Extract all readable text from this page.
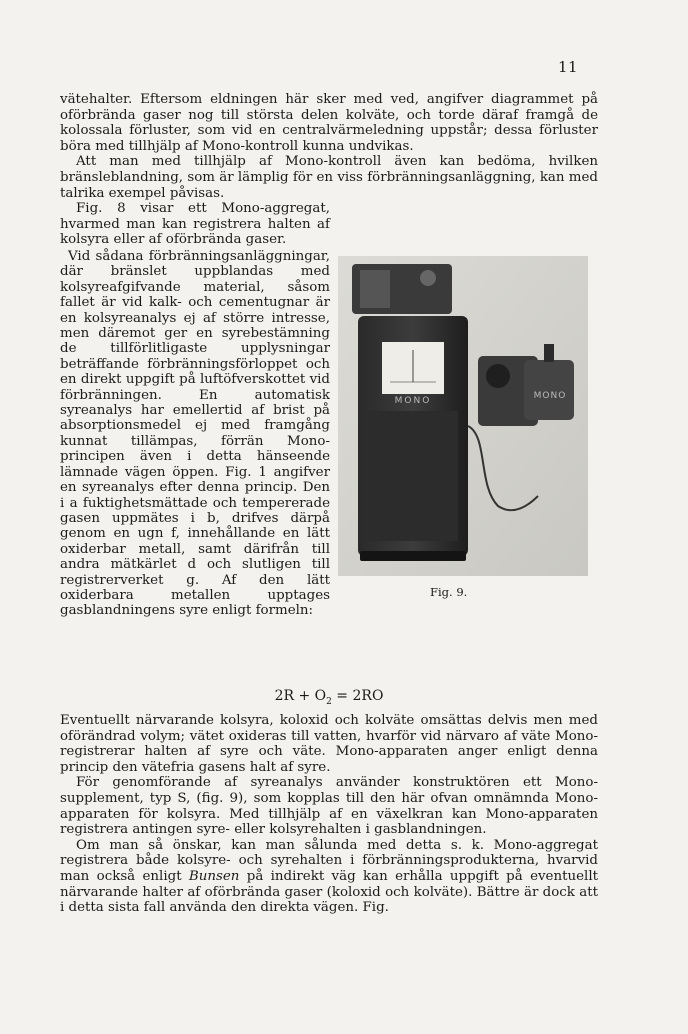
11

vätehalter. Eftersom eldningen här sker med ved, angifver diagrammet på oförbrända gaser nog till största delen kolväte, och torde däraf framgå de kolossala förluster, som vid en centralvärmeledning uppstår; dessa förluster böra med tillhjälp af Mono-kontroll kunna undvikas.

Att man med tillhjälp af Mono-kontroll även kan bedöma, hvilken bränsleblandning, som är lämplig för en viss förbränningsanläggning, kan med talrika exempel påvisas.

Fig. 8 visar ett Mono-aggregat, hvarmed man kan registrera halten af kolsyra eller af oförbrända gaser.

Vid sådana förbränningsanläggningar, där bränslet uppblandas med kolsyreafgifvande material, såsom fallet är vid kalk- och cementugnar är en kolsyreanalys ej af större intresse, men däremot ger en syrebestämning de tillförlitligaste upplysningar beträffande förbränningsförloppet och en direkt uppgift på luftöfverskottet vid förbränningen. En automatisk syreanalys har emellertid af brist på absorptionsmedel ej med framgång kunnat tillämpas, förrän Mono-principen även i detta hänseende lämnade vägen öppen. Fig. 1 angifver en syreanalys efter denna princip. Den i a fuktighetsmättade och tempererade gasen uppmätes i b, drifves därpå genom en ugn f, innehållande en lätt oxiderbar metall, samt därifrån till andra mätkärlet d och slutligen till registrerverket g. Af den lätt oxiderbara metallen upptages gasblandningens syre enligt formeln:

MONO	MONO
Fig. 9.

$2R + O_2 = 2RO$

Eventuellt närvarande kolsyra, koloxid och kolväte omsättas delvis men med oförändrad volym; vätet oxideras till vatten, hvarför vid närvaro af väte Mono-registrerar halten af syre och väte. Mono-apparaten anger enligt denna princip den vätefria gasens halt af syre.

För genomförande af syreanalys använder konstruktören ett Mono-supplement, typ S, (fig. 9), som kopplas till den här ofvan omnämnda Mono-apparaten för kolsyra. Med tillhjälp af en växelkran kan Mono-apparaten registrera antingen syre- eller kolsyrehalten i gasblandningen.

Om man så önskar, kan man sålunda med detta s. k. Mono-aggregat registrera både kolsyre- och syrehalten i förbränningsprodukterna, hvarvid man också enligt Bunsen på indirekt väg kan erhålla uppgift på eventuellt närvarande halter af oförbrända gaser (koloxid och kolväte). Bättre är dock att i detta sista fall använda den direkta vägen. Fig.
